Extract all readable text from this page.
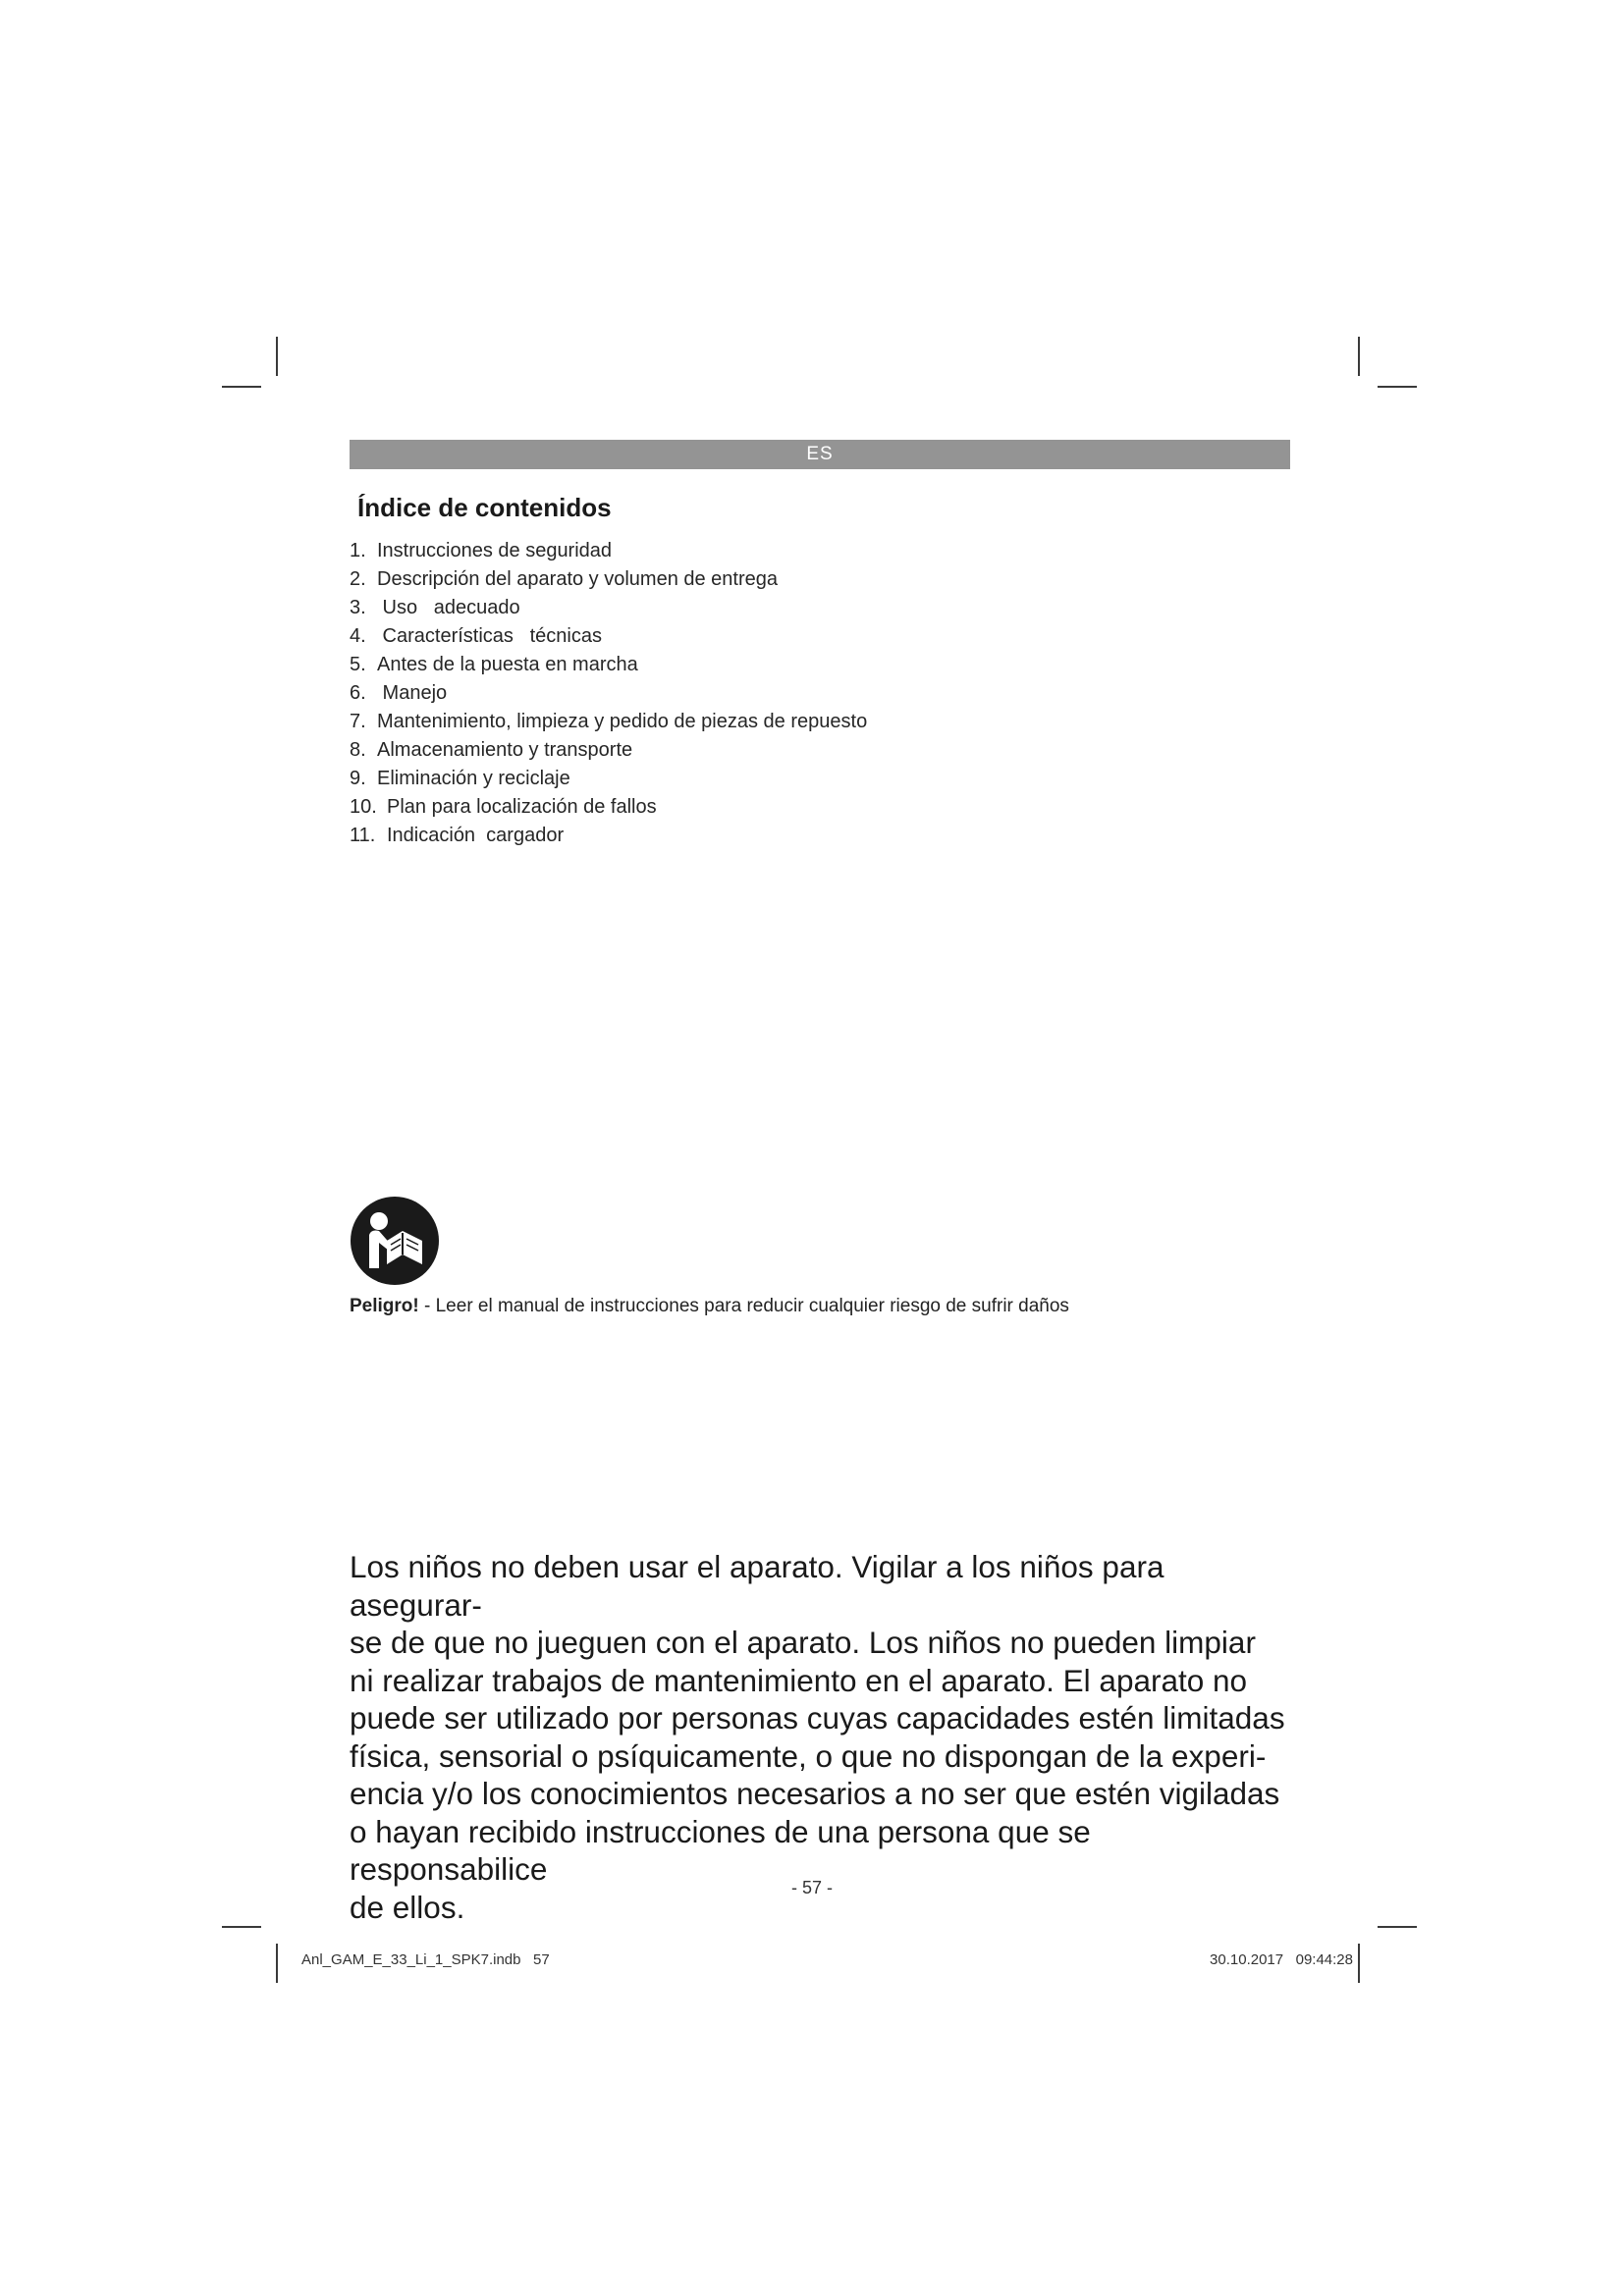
ES
Índice de contenidos
1. Instrucciones de seguridad
2. Descripción del aparato y volumen de entrega
3. Uso   adecuado
4. Características   técnicas
5. Antes de la puesta en marcha
6. Manejo
7. Mantenimiento, limpieza y pedido de piezas de repuesto
8. Almacenamiento y transporte
9. Eliminación y reciclaje
10. Plan para localización de fallos
11. Indicación  cargador
Peligro! - Leer el manual de instrucciones para reducir cualquier riesgo de sufrir daños

Los niños no deben usar el aparato. Vigilar a los niños para asegurar-
se de que no jueguen con el aparato. Los niños no pueden limpiar
ni realizar trabajos de mantenimiento en el aparato. El aparato no
puede ser utilizado por personas cuyas capacidades estén limitadas
física, sensorial o psíquicamente, o que no dispongan de la experi-
encia y/o los conocimientos necesarios a no ser que estén vigiladas
o hayan recibido instrucciones de una persona que se responsabilice
de ellos.

- 57 -
Anl_GAM_E_33_Li_1_SPK7.indb   57	30.10.2017   09:44:28
